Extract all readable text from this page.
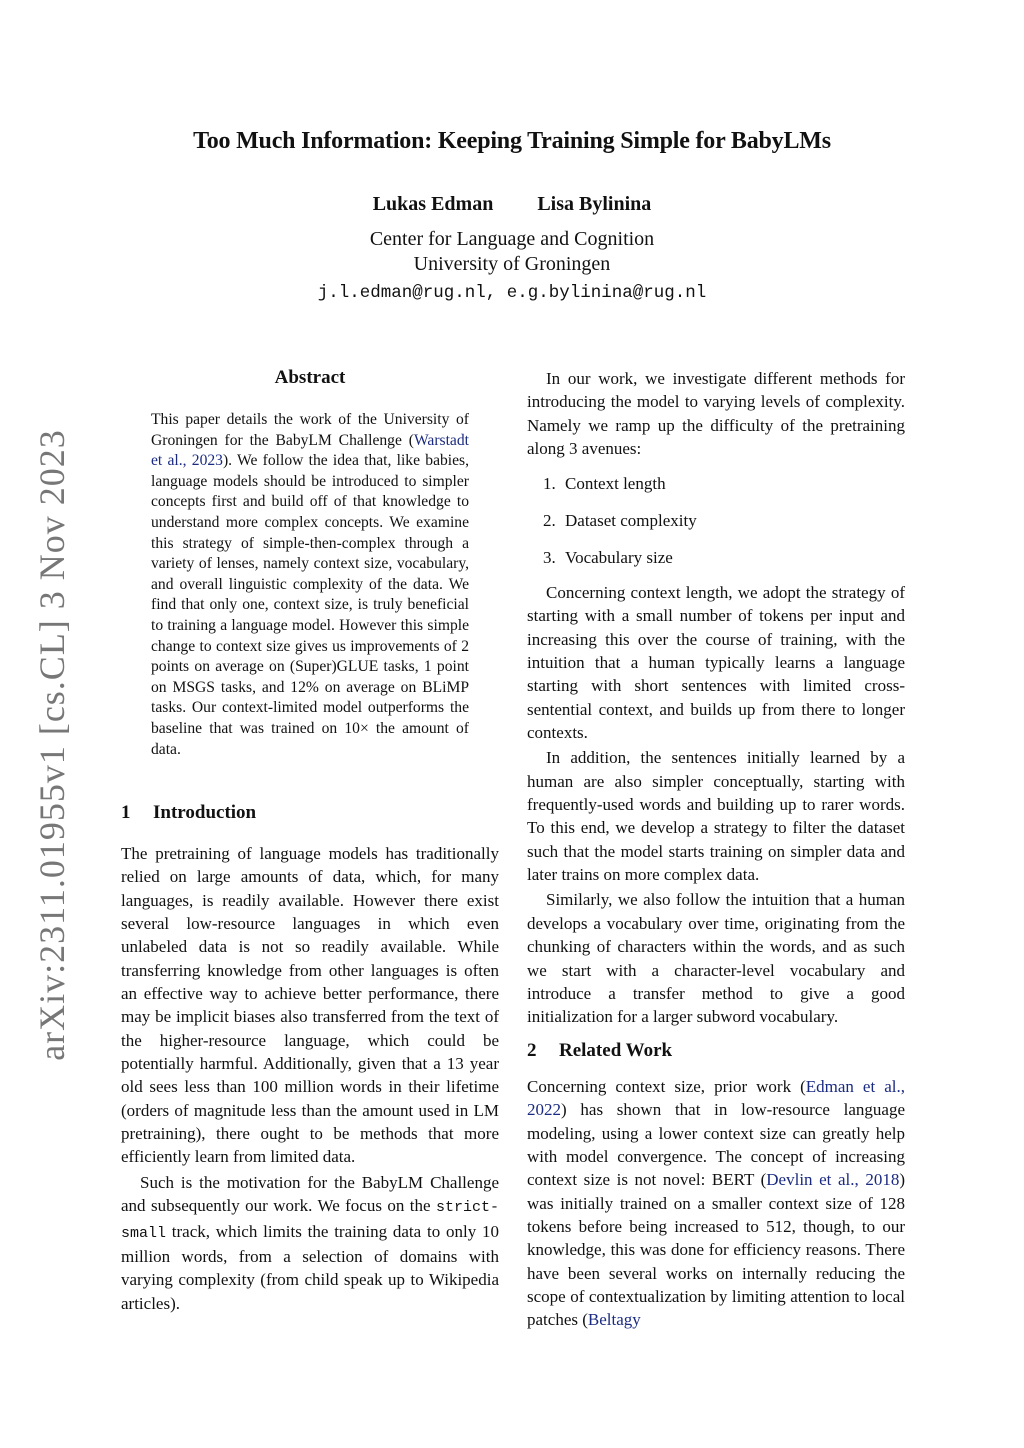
arXiv:2311.01955v1 [cs.CL] 3 Nov 2023
Too Much Information: Keeping Training Simple for BabyLMs
Lukas Edman Lisa Bylinina
Center for Language and Cognition
University of Groningen
j.l.edman@rug.nl, e.g.bylinina@rug.nl
Abstract
This paper details the work of the University of Groningen for the BabyLM Challenge (Warstadt et al., 2023). We follow the idea that, like babies, language models should be introduced to simpler concepts first and build off of that knowledge to understand more complex concepts. We examine this strategy of simple-then-complex through a variety of lenses, namely context size, vocabulary, and overall linguistic complexity of the data. We find that only one, context size, is truly beneficial to training a language model. However this simple change to context size gives us improvements of 2 points on average on (Super)GLUE tasks, 1 point on MSGS tasks, and 12% on average on BLiMP tasks. Our context-limited model outperforms the baseline that was trained on 10× the amount of data.
1 Introduction

The pretraining of language models has traditionally relied on large amounts of data, which, for many languages, is readily available. However there exist several low-resource languages in which even unlabeled data is not so readily available. While transferring knowledge from other languages is often an effective way to achieve better performance, there may be implicit biases also transferred from the text of the higher-resource language, which could be potentially harmful. Additionally, given that a 13 year old sees less than 100 million words in their lifetime (orders of magnitude less than the amount used in LM pretraining), there ought to be methods that more efficiently learn from limited data.

Such is the motivation for the BabyLM Challenge and subsequently our work. We focus on the strict-small track, which limits the training data to only 10 million words, from a selection of domains with varying complexity (from child speak up to Wikipedia articles).

In our work, we investigate different methods for introducing the model to varying levels of complexity. Namely we ramp up the difficulty of the pretraining along 3 avenues:

1. Context length
2. Dataset complexity
3. Vocabulary size

Concerning context length, we adopt the strategy of starting with a small number of tokens per input and increasing this over the course of training, with the intuition that a human typically learns a language starting with short sentences with limited cross-sentential context, and builds up from there to longer contexts.

In addition, the sentences initially learned by a human are also simpler conceptually, starting with frequently-used words and building up to rarer words. To this end, we develop a strategy to filter the dataset such that the model starts training on simpler data and later trains on more complex data.

Similarly, we also follow the intuition that a human develops a vocabulary over time, originating from the chunking of characters within the words, and as such we start with a character-level vocabulary and introduce a transfer method to give a good initialization for a larger subword vocabulary.

2 Related Work

Concerning context size, prior work (Edman et al., 2022) has shown that in low-resource language modeling, using a lower context size can greatly help with model convergence. The concept of increasing context size is not novel: BERT (Devlin et al., 2018) was initially trained on a smaller context size of 128 tokens before being increased to 512, though, to our knowledge, this was done for efficiency reasons. There have been several works on internally reducing the scope of contextualization by limiting attention to local patches (Beltagy
